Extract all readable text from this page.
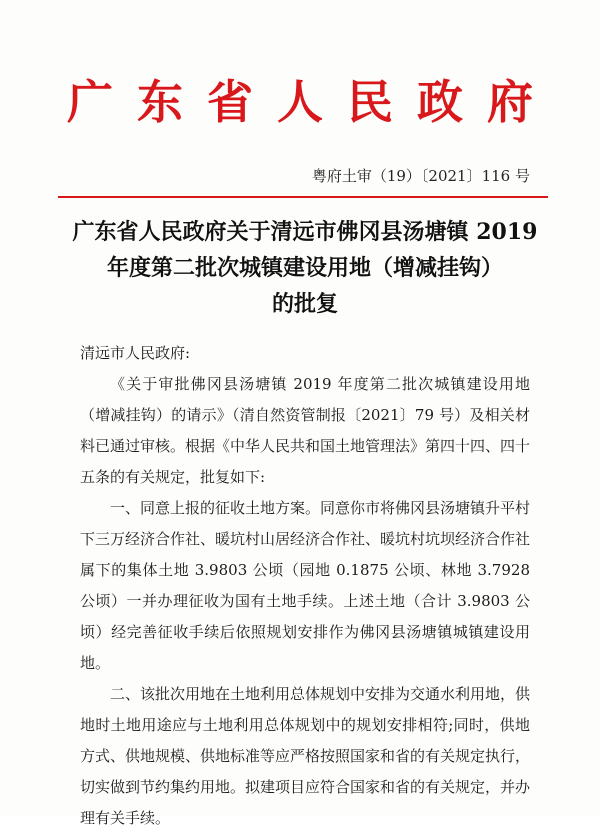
广东省人民政府
粤府土审（19）〔2021〕116 号
广东省人民政府关于清远市佛冈县汤塘镇 2019
年度第二批次城镇建设用地（增减挂钩）
的批复

清远市人民政府:

《关于审批佛冈县汤塘镇 2019 年度第二批次城镇建设用地（增减挂钩）的请示》（清自然资管制报〔2021〕79 号）及相关材料已通过审核。根据《中华人民共和国土地管理法》第四十四、四十五条的有关规定，批复如下:

一、同意上报的征收土地方案。同意你市将佛冈县汤塘镇升平村下三万经济合作社、暖坑村山居经济合作社、暖坑村坑坝经济合作社属下的集体土地 3.9803 公顷（园地 0.1875 公顷、林地 3.7928 公顷）一并办理征收为国有土地手续。上述土地（合计 3.9803 公顷）经完善征收手续后依照规划安排作为佛冈县汤塘镇城镇建设用地。

二、该批次用地在土地利用总体规划中安排为交通水利用地，供地时土地用途应与土地利用总体规划中的规划安排相符;同时，供地方式、供地规模、供地标准等应严格按照国家和省的有关规定执行，切实做到节约集约用地。拟建项目应符合国家和省的有关规定，并办理有关手续。
